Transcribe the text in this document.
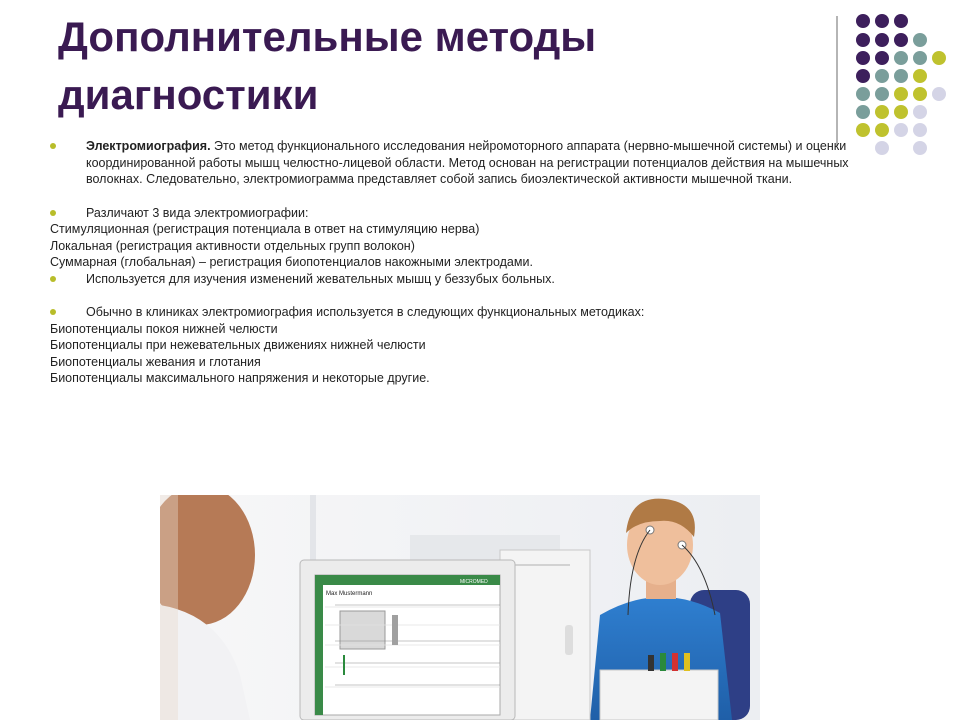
Дополнительные методы
диагностики

Электромиография. Это метод функционального исследования нейромоторного аппарата (нервно-мышечной системы) и оценки координированной работы мышц челюстно-лицевой области. Метод основан на регистрации потенциалов действия на мышечных волокнах. Следовательно, электромиограмма представляет собой запись биоэлектической активности мышечной ткани.

Различают 3 вида электромиографии:

Стимуляционная (регистрация потенциала в ответ на стимуляцию нерва)

Локальная (регистрация активности отдельных групп волокон)

Суммарная (глобальная) – регистрация биопотенциалов накожными электродами.

Используется для изучения изменений жевательных мышц у беззубых больных.

Обычно в клиниках электромиография используется в следующих функциональных методиках:

Биопотенциалы покоя нижней челюсти

Биопотенциалы при нежевательных движениях нижней челюсти

Биопотенциалы жевания и глотания

Биопотенциалы максимального напряжения и некоторые другие.

Max Mustermann
MICROMED
